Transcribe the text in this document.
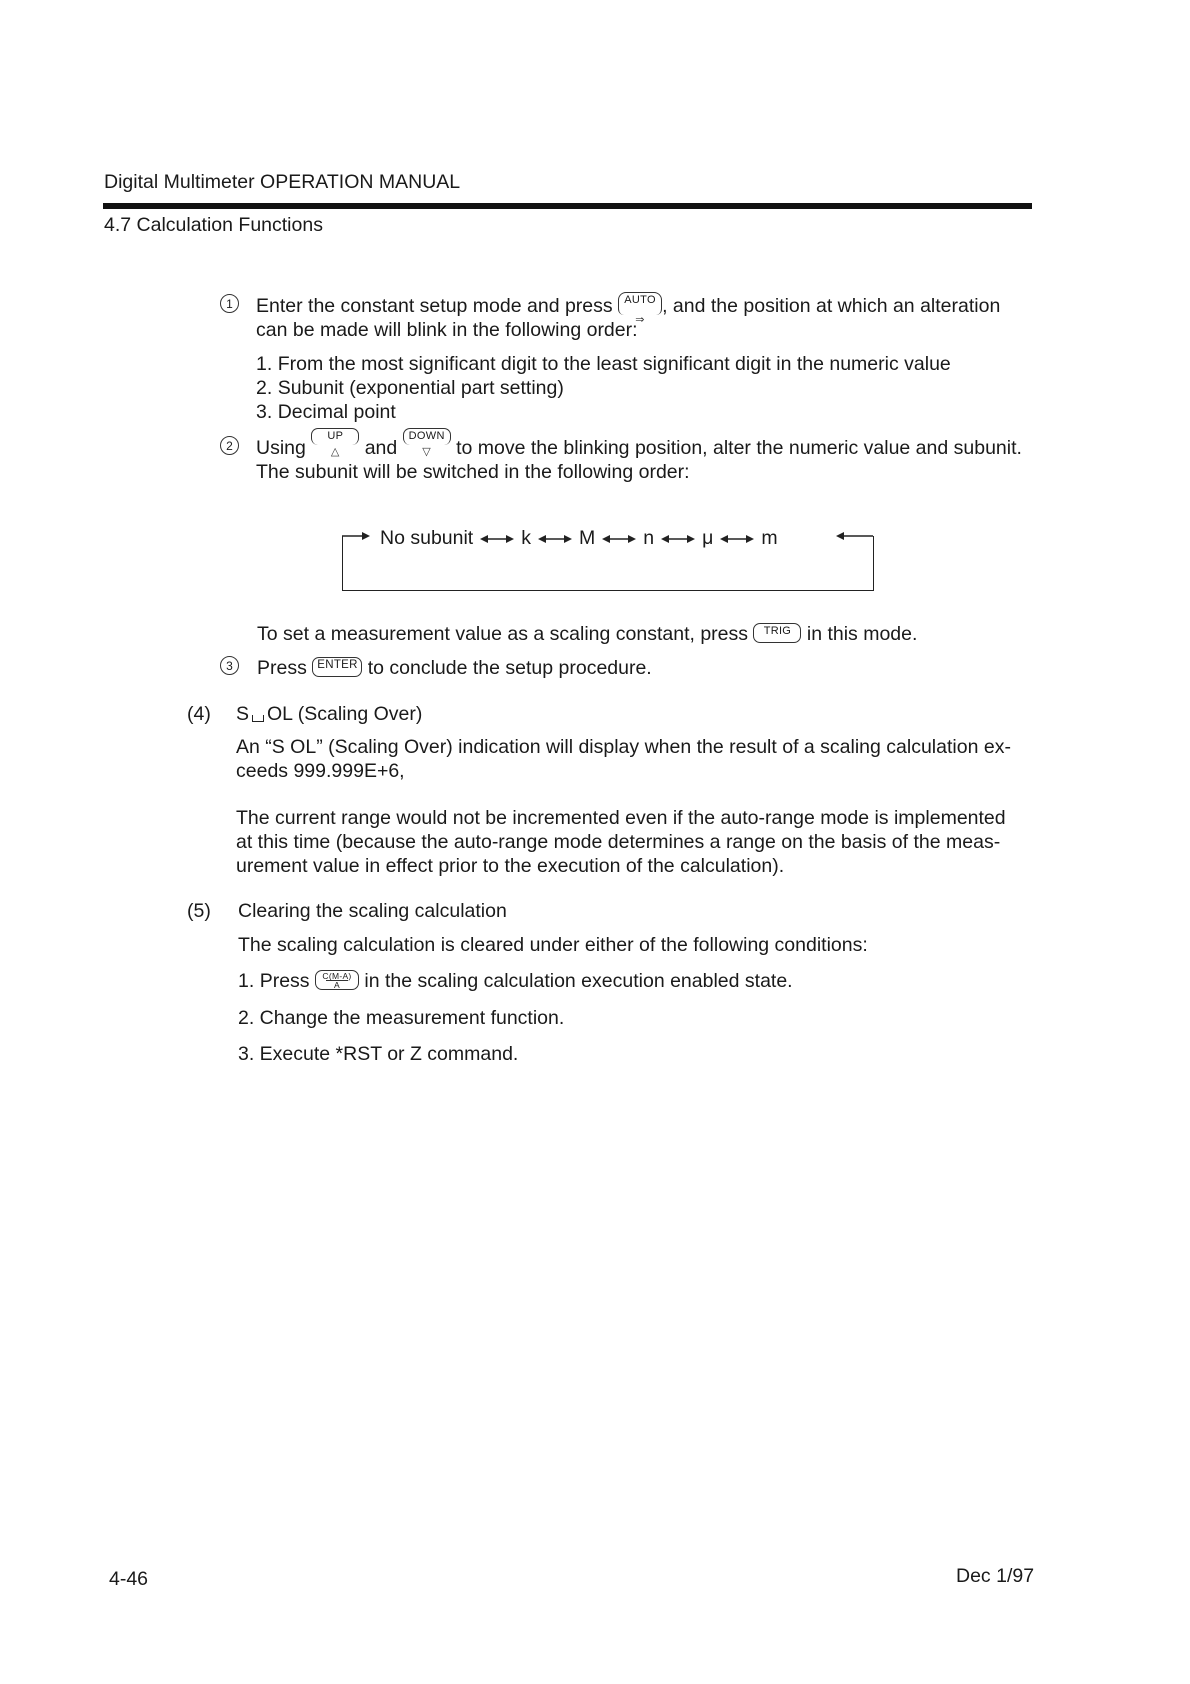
Digital Multimeter OPERATION MANUAL
4.7 Calculation Functions
1	Enter the constant setup mode and press AUTO
⇒
, and the position at which an alteration
can be made will blink in the following order:
1. From the most significant digit to the least significant digit in the numeric value
2. Subunit (exponential part setting)
3. Decimal point
2	Using UP
△	and DOWN
▽	to move the blinking position, alter the numeric value and subunit.
The subunit will be switched in the following order:
No subunit k M n μ m
To set a measurement value as a scaling constant, press TRIG in this mode.
3	Press ENTER to conclude the setup procedure.
(4) S OL (Scaling Over)
An “S OL” (Scaling Over) indication will display when the result of a scaling calculation ex-
ceeds 999.999E+6,
The current range would not be incremented even if the auto-range mode is implemented
at this time (because the auto-range mode determines a range on the basis of the meas-
urement value in effect prior to the execution of the calculation).
(5) Clearing the scaling calculation
The scaling calculation is cleared under either of the following conditions:
1. Press $\frac{C(M-A)}{A}$ in the scaling calculation execution enabled state.
2. Change the measurement function.
3. Execute *RST or Z command.
4-46	Dec 1/97
